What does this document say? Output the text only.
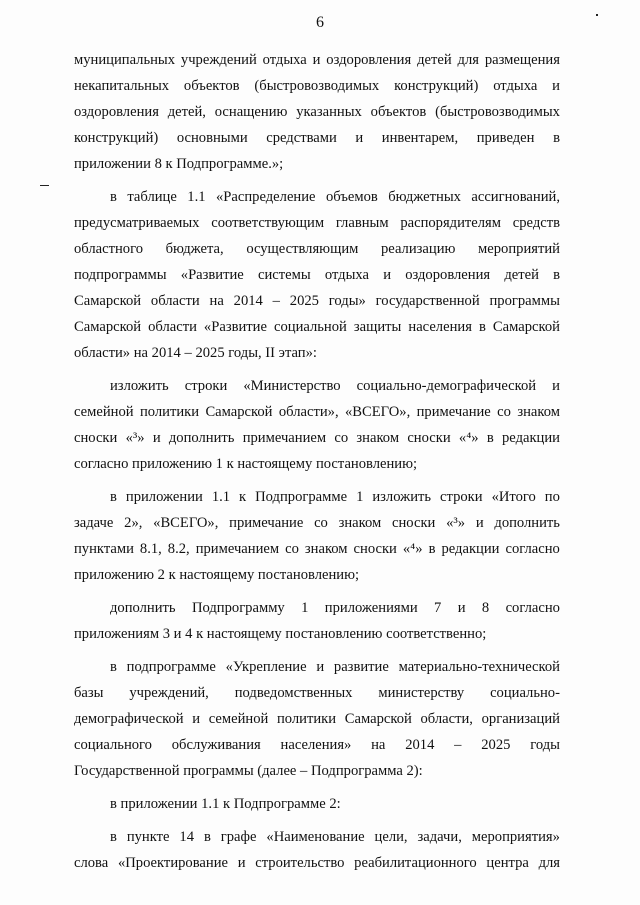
6
муниципальных учреждений отдыха и оздоровления детей для размещения
некапитальных объектов (быстровозводимых конструкций) отдыха и
оздоровления детей, оснащению указанных объектов (быстровозводимых
конструкций) основными средствами и инвентарем, приведен в
приложении 8 к Подпрограмме.»;
в таблице 1.1 «Распределение объемов бюджетных ассигнований,
предусматриваемых соответствующим главным распорядителям средств
областного бюджета, осуществляющим реализацию мероприятий
подпрограммы «Развитие системы отдыха и оздоровления детей в
Самарской области на 2014 – 2025 годы» государственной программы
Самарской области «Развитие социальной защиты населения в Самарской
области» на 2014 – 2025 годы, II этап»:
изложить строки «Министерство социально-демографической и
семейной политики Самарской области», «ВСЕГО», примечание со знаком
сноски «³» и дополнить примечанием со знаком сноски «⁴» в редакции
согласно приложению 1 к настоящему постановлению;
в приложении 1.1 к Подпрограмме 1 изложить строки «Итого по
задаче 2», «ВСЕГО», примечание со знаком сноски «³» и дополнить
пунктами 8.1, 8.2, примечанием со знаком сноски «⁴» в редакции согласно
приложению 2 к настоящему постановлению;
дополнить Подпрограмму 1 приложениями 7 и 8 согласно
приложениям 3 и 4 к настоящему постановлению соответственно;
в подпрограмме «Укрепление и развитие материально-технической
базы учреждений, подведомственных министерству социально-
демографической и семейной политики Самарской области, организаций
социального обслуживания населения» на 2014 – 2025 годы
Государственной программы (далее – Подпрограмма 2):
в приложении 1.1 к Подпрограмме 2:
в пункте 14 в графе «Наименование цели, задачи, мероприятия»
слова «Проектирование и строительство реабилитационного центра для
